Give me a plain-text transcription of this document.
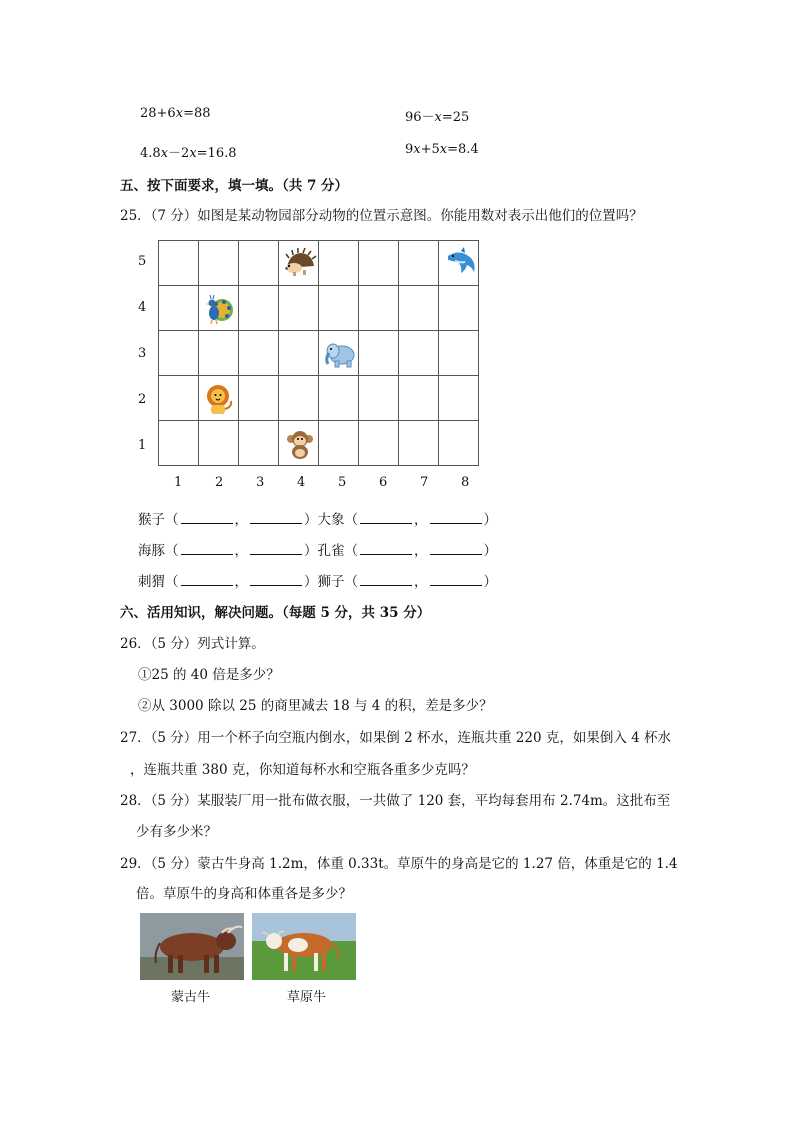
28+6x=88	96－x=25
4.8x－2x=16.8	9x+5x=8.4
五、按下面要求，填一填。（共 7 分）
25．（7 分）如图是某动物园部分动物的位置示意图。你能用数对表示出他们的位置吗？
5
4
3
2
1
1	2	3	4	5	6	7	8
猴子（	，	）大象（	，	）
海豚（	，	）孔雀（	，	）
刺猬（	，	）狮子（	，	）
六、活用知识，解决问题。（每题 5 分，共 35 分）
26．（5 分）列式计算。
①25 的 40 倍是多少？
②从 3000 除以 25 的商里减去 18 与 4 的积，差是多少？
27．（5 分）用一个杯子向空瓶内倒水，如果倒 2 杯水，连瓶共重 220 克，如果倒入 4 杯水
，连瓶共重 380 克，你知道每杯水和空瓶各重多少克吗？
28．（5 分）某服装厂用一批布做衣服，一共做了 120 套，平均每套用布 2.74m。这批布至
少有多少米？
29．（5 分）蒙古牛身高 1.2m，体重 0.33t。草原牛的身高是它的 1.27 倍，体重是它的 1.4
倍。草原牛的身高和体重各是多少？
蒙古牛	草原牛
